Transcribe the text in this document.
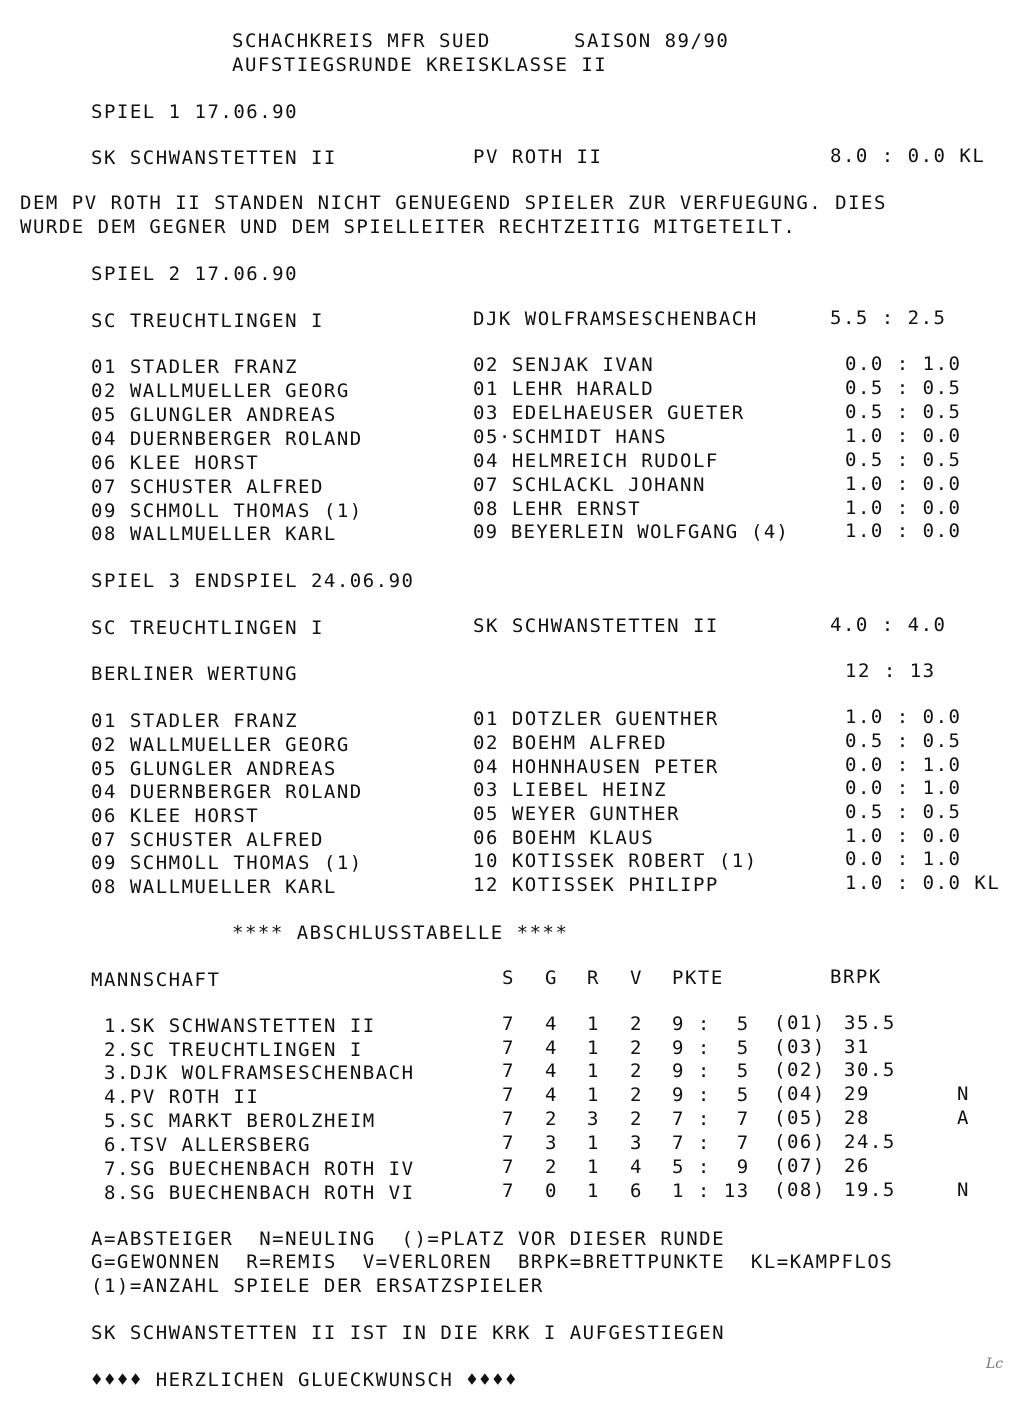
SCHACHKREIS MFR SUED	SAISON 89/90
AUFSTIEGSRUNDE KREISKLASSE II
SPIEL 1 17.06.90
SK SCHWANSTETTEN II	PV ROTH II	8.0 : 0.0 KL
DEM PV ROTH II STANDEN NICHT GENUEGEND SPIELER ZUR VERFUEGUNG. DIES
WURDE DEM GEGNER UND DEM SPIELLEITER RECHTZEITIG MITGETEILT.
SPIEL 2 17.06.90
SC TREUCHTLINGEN I	DJK WOLFRAMSESCHENBACH	5.5 : 2.5
01 STADLER FRANZ	02 SENJAK IVAN	0.0 : 1.0
02 WALLMUELLER GEORG	01 LEHR HARALD	0.5 : 0.5
05 GLUNGLER ANDREAS	03 EDELHAEUSER GUETER	0.5 : 0.5
04 DUERNBERGER ROLAND	05·SCHMIDT HANS	1.0 : 0.0
06 KLEE HORST	04 HELMREICH RUDOLF	0.5 : 0.5
07 SCHUSTER ALFRED	07 SCHLACKL JOHANN	1.0 : 0.0
09 SCHMOLL THOMAS (1)	08 LEHR ERNST	1.0 : 0.0
08 WALLMUELLER KARL	09 BEYERLEIN WOLFGANG (4)	1.0 : 0.0
SPIEL 3 ENDSPIEL 24.06.90
SC TREUCHTLINGEN I	SK SCHWANSTETTEN II	4.0 : 4.0
BERLINER WERTUNG	12 : 13
01 STADLER FRANZ	01 DOTZLER GUENTHER	1.0 : 0.0
02 WALLMUELLER GEORG	02 BOEHM ALFRED	0.5 : 0.5
05 GLUNGLER ANDREAS	04 HOHNHAUSEN PETER	0.0 : 1.0
04 DUERNBERGER ROLAND	03 LIEBEL HEINZ	0.0 : 1.0
06 KLEE HORST	05 WEYER GUNTHER	0.5 : 0.5
07 SCHUSTER ALFRED	06 BOEHM KLAUS	1.0 : 0.0
09 SCHMOLL THOMAS (1)	10 KOTISSEK ROBERT (1)	0.0 : 1.0
08 WALLMUELLER KARL	12 KOTISSEK PHILIPP	1.0 : 0.0 KL
**** ABSCHLUSSTABELLE ****
MANNSCHAFT	S G R V PKTE	BRPK
1.SK SCHWANSTETTEN II	7 4 1 2 9 :  5 (01) 35.5
2.SC TREUCHTLINGEN I	7 4 1 2 9 :  5 (03) 31
3.DJK WOLFRAMSESCHENBACH	7 4 1 2 9 :  5 (02) 30.5
4.PV ROTH II	7 4 1 2 9 :  5 (04) 29	N
5.SC MARKT BEROLZHEIM	7 2 3 2 7 :  7 (05) 28	A
6.TSV ALLERSBERG	7 3 1 3 7 :  7 (06) 24.5
7.SG BUECHENBACH ROTH IV	7 2 1 4 5 :  9 (07) 26
8.SG BUECHENBACH ROTH VI	7 0 1 6 1 : 13 (08) 19.5	N
A=ABSTEIGER  N=NEULING  ()=PLATZ VOR DIESER RUNDE
G=GEWONNEN  R=REMIS  V=VERLOREN  BRPK=BRETTPUNKTE  KL=KAMPFLOS
(1)=ANZAHL SPIELE DER ERSATZSPIELER
SK SCHWANSTETTEN II IST IN DIE KRK I AUFGESTIEGEN
♦♦♦♦ HERZLICHEN GLUECKWUNSCH ♦♦♦♦
Lc
